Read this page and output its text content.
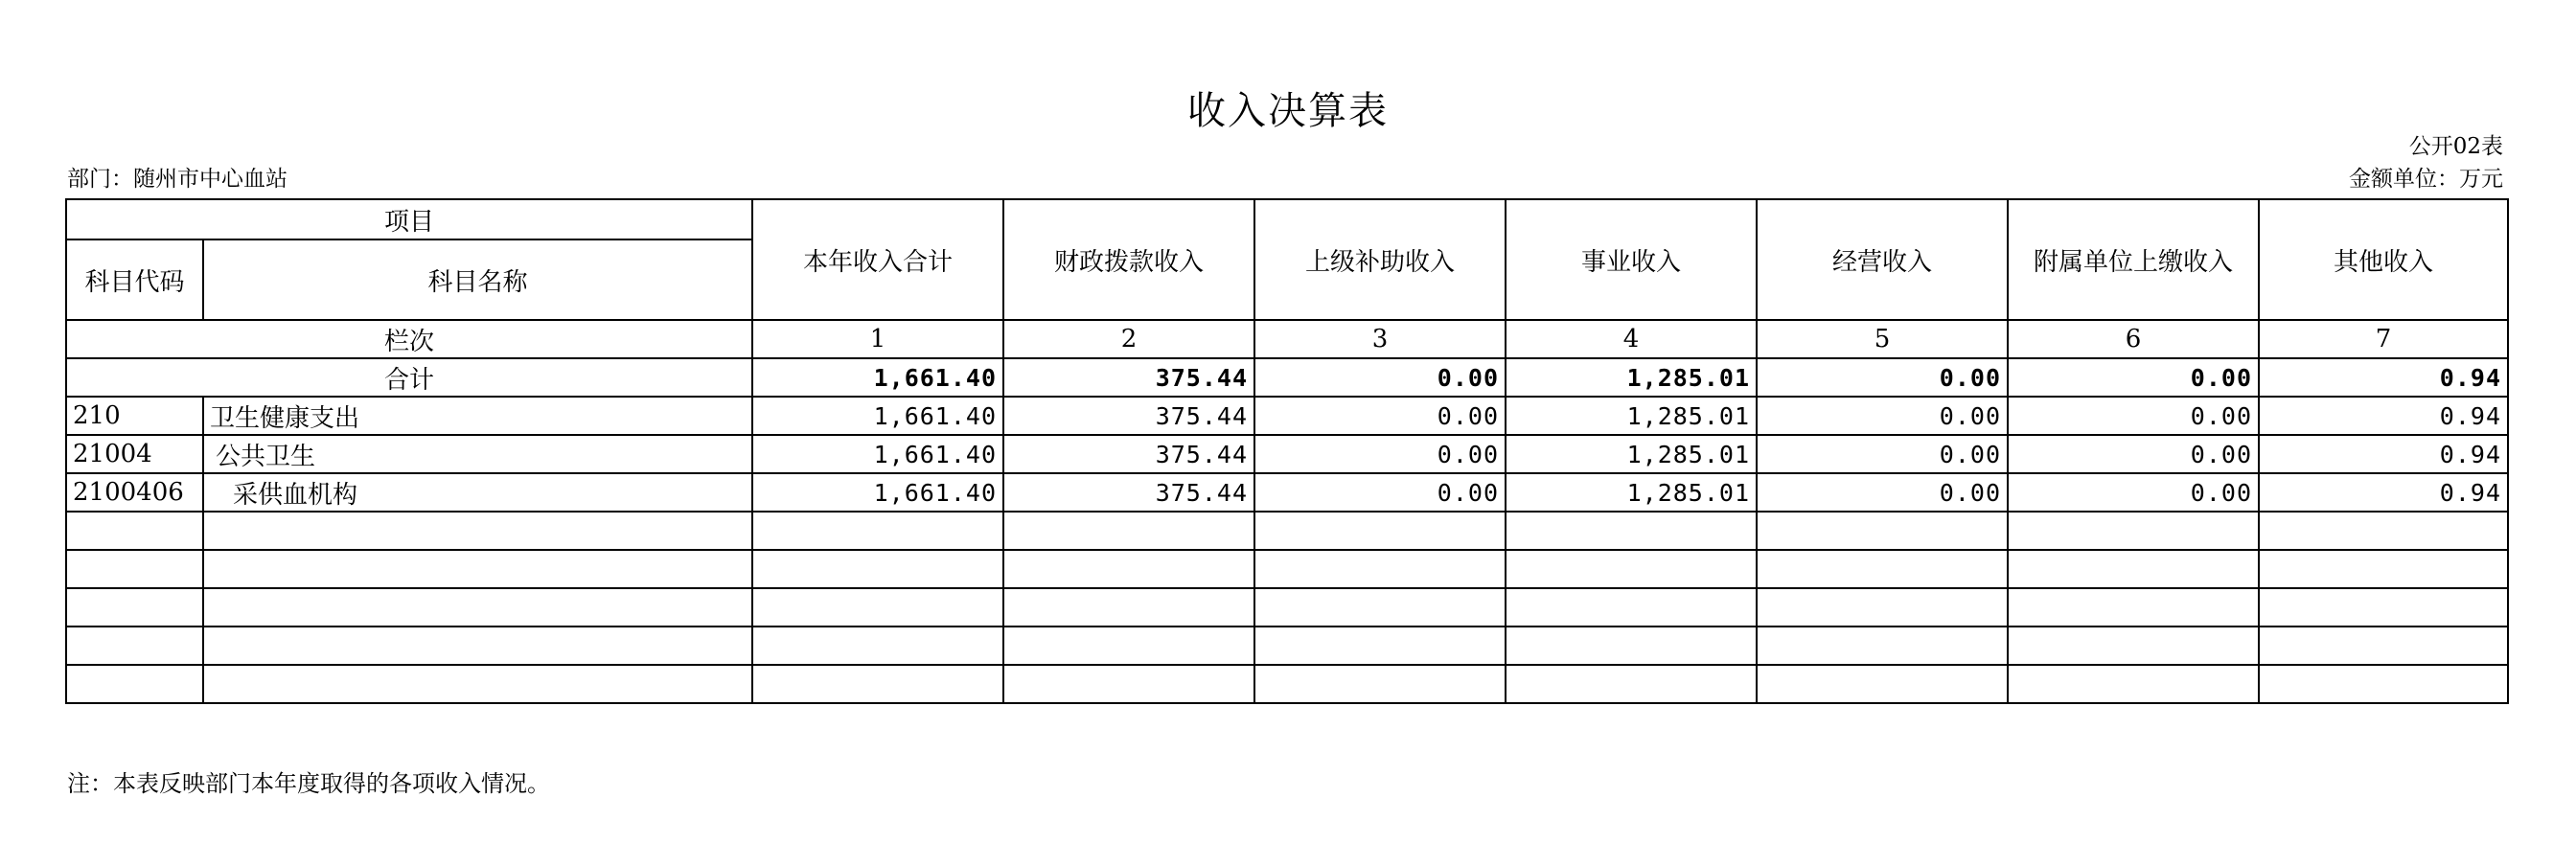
收入决算表
公开02表
部门：随州市中心血站	金额单位：万元
项目		本年收入合计	财政拨款收入	上级补助收入	事业收入	经营收入	附属单位上缴收入	其他收入
科目代码	科目名称							
栏次		1	2	3	4	5	6	7
合计		1,661.40	375.44	0.00	1,285.01	0.00	0.00	0.94
210	卫生健康支出	1,661.40	375.44	0.00	1,285.01	0.00	0.00	0.94
21004	公共卫生	1,661.40	375.44	0.00	1,285.01	0.00	0.00	0.94
2100406	采供血机构	1,661.40	375.44	0.00	1,285.01	0.00	0.00	0.94

注：本表反映部门本年度取得的各项收入情况。
